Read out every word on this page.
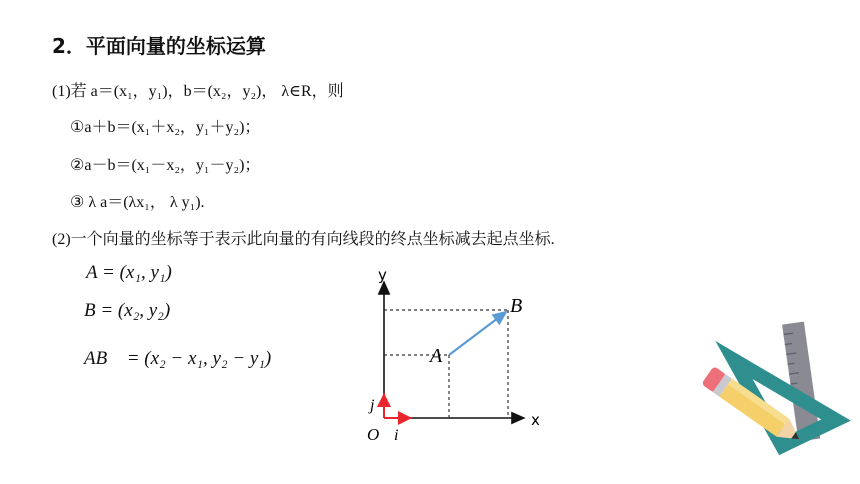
2．平面向量的坐标运算
(1)若 a＝(x₁，y₁)，b＝(x₂，y₂)， λ∈R，则
①a＋b＝(x₁＋x₂，y₁＋y₂)；
②a－b＝(x₁－x₂，y₁－y₂)；
③ λ a＝(λx₁， λ y₁).
(2)一个向量的坐标等于表示此向量的有向线段的终点坐标减去起点坐标.
A = (x₁, y₁)
B = (x₂, y₂)
AB⃗ = (x₂ − x₁, y₂ − y₁)
y
x
O i⃗
j⃗
A
B
